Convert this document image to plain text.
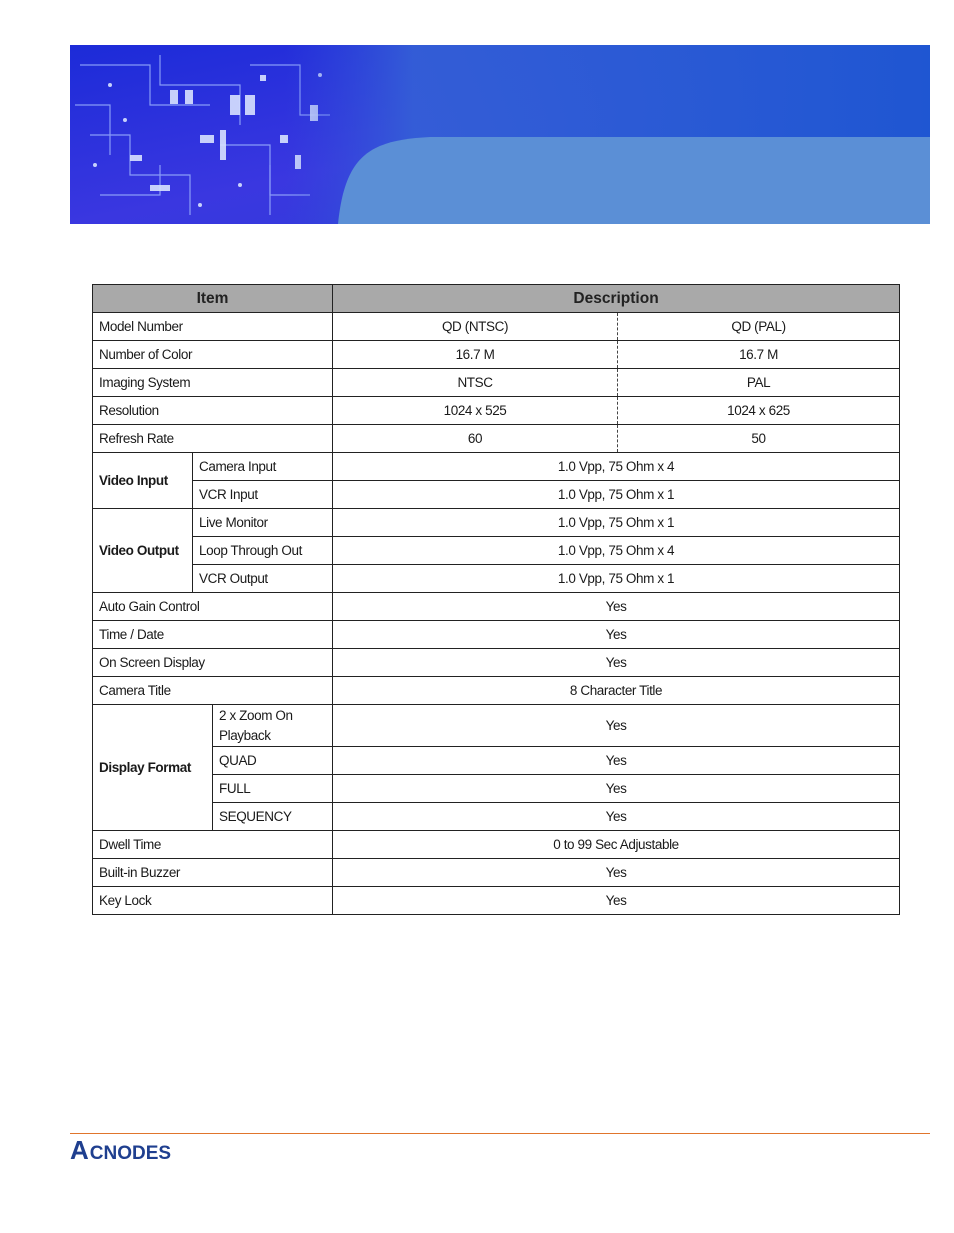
Item			Description	
Model Number			QD (NTSC)	QD (PAL)
Number of Color			16.7 M	16.7 M
Imaging System			NTSC	PAL
Resolution			1024 x 525	1024 x 625
Refresh Rate			60	50
Video Input	Camera Input		1.0 Vpp, 75 Ohm x 4	
	VCR Input		1.0 Vpp, 75 Ohm x 1	
Video Output	Live Monitor		1.0 Vpp, 75 Ohm x 1	
	Loop Through Out		1.0 Vpp, 75 Ohm x 4	
	VCR Output		1.0 Vpp, 75 Ohm x 1	
Auto Gain Control			Yes	
Time / Date			Yes	
On Screen Display			Yes	
Camera Title			8 Character Title	
Display Format		2 x Zoom On Playback	Yes	
		QUAD	Yes	
		FULL	Yes	
		SEQUENCY	Yes	
Dwell Time			0 to 99 Sec Adjustable	
Built-in Buzzer			Yes	
Key Lock			Yes	
ACNODES
